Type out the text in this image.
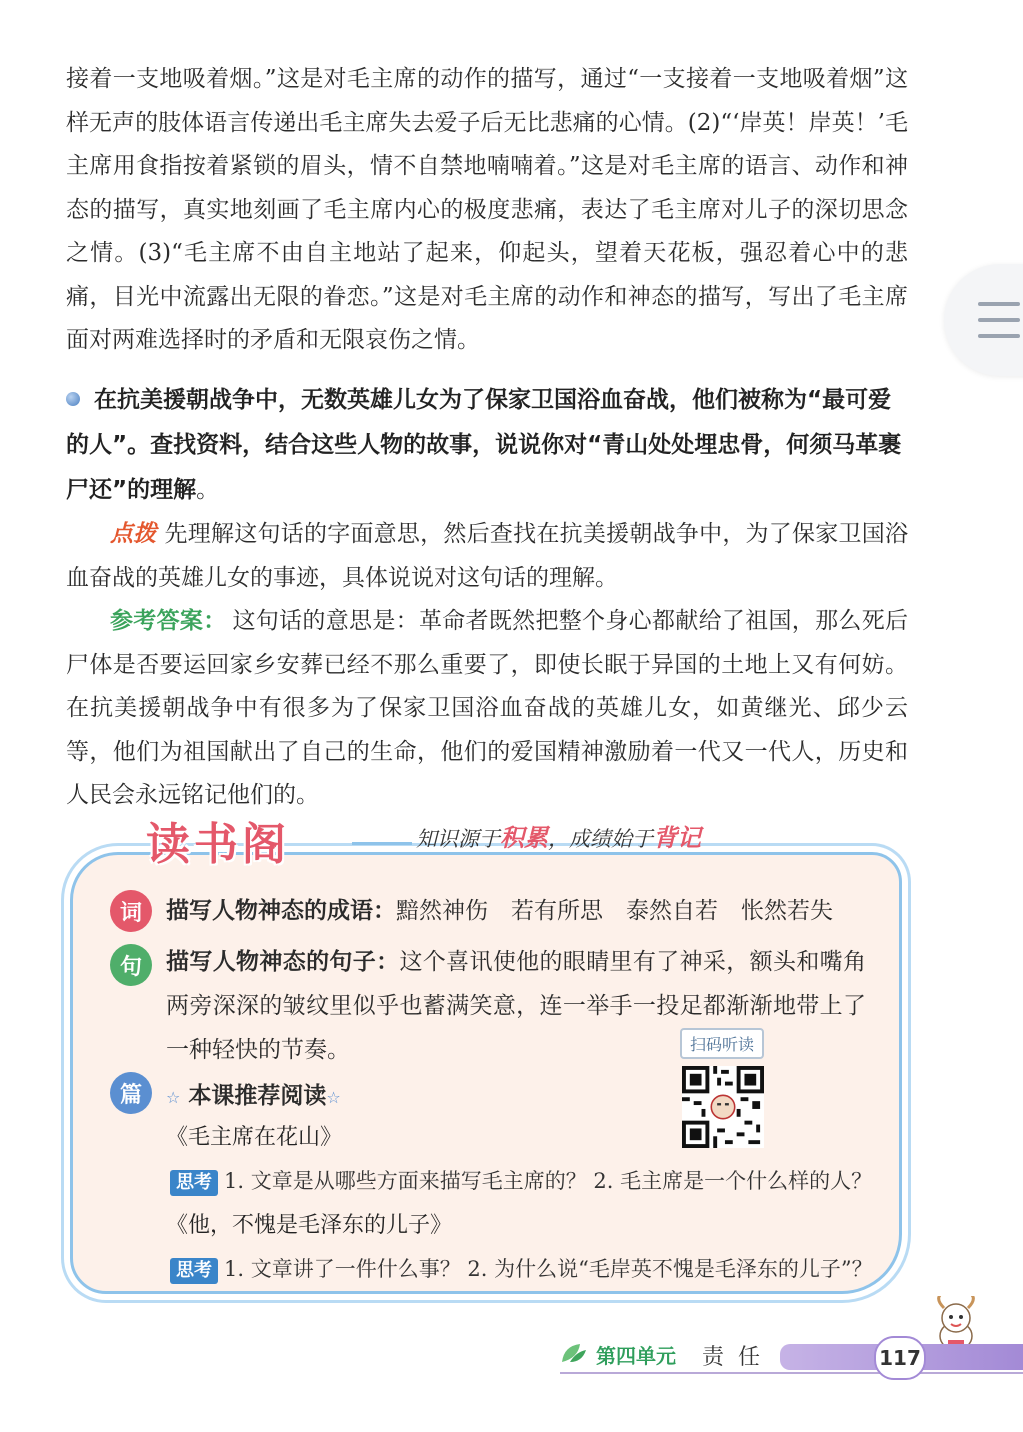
接着一支地吸着烟。”这是对毛主席的动作的描写，通过“一支接着一支地吸着烟”这样无声的肢体语言传递出毛主席失去爱子后无比悲痛的心情。(2)“‘岸英！岸英！’毛主席用食指按着紧锁的眉头，情不自禁地喃喃着。”这是对毛主席的语言、动作和神态的描写，真实地刻画了毛主席内心的极度悲痛，表达了毛主席对儿子的深切思念之情。(3)“毛主席不由自主地站了起来，仰起头，望着天花板，强忍着心中的悲痛，目光中流露出无限的眷恋。”这是对毛主席的动作和神态的描写，写出了毛主席面对两难选择时的矛盾和无限哀伤之情。

在抗美援朝战争中，无数英雄儿女为了保家卫国浴血奋战，他们被称为“最可爱的人”。查找资料，结合这些人物的故事，说说你对“青山处处埋忠骨，何须马革裹尸还”的理解。

点拨 先理解这句话的字面意思，然后查找在抗美援朝战争中，为了保家卫国浴血奋战的英雄儿女的事迹，具体说说对这句话的理解。

参考答案： 这句话的意思是：革命者既然把整个身心都献给了祖国，那么死后尸体是否要运回家乡安葬已经不那么重要了，即使长眠于异国的土地上又有何妨。在抗美援朝战争中有很多为了保家卫国浴血奋战的英雄儿女，如黄继光、邱少云等，他们为祖国献出了自己的生命，他们的爱国精神激励着一代又一代人，历史和人民会永远铭记他们的。

读书阁	知识源于积累，成绩始于背记
词	描写人物神态的成语：黯然神伤　若有所思　泰然自若　怅然若失

句	描写人物神态的句子：这个喜讯使他的眼睛里有了神采，额头和嘴角两旁深深的皱纹里似乎也蓄满笑意，连一举手一投足都渐渐地带上了一种轻快的节奏。

篇	☆ 本课推荐阅读☆

扫码听读

《毛主席在花山》

思考 1. 文章是从哪些方面来描写毛主席的？ 2. 毛主席是一个什么样的人？

《他，不愧是毛泽东的儿子》

思考 1. 文章讲了一件什么事？ 2. 为什么说“毛岸英不愧是毛泽东的儿子”？

第四单元 责任	117
